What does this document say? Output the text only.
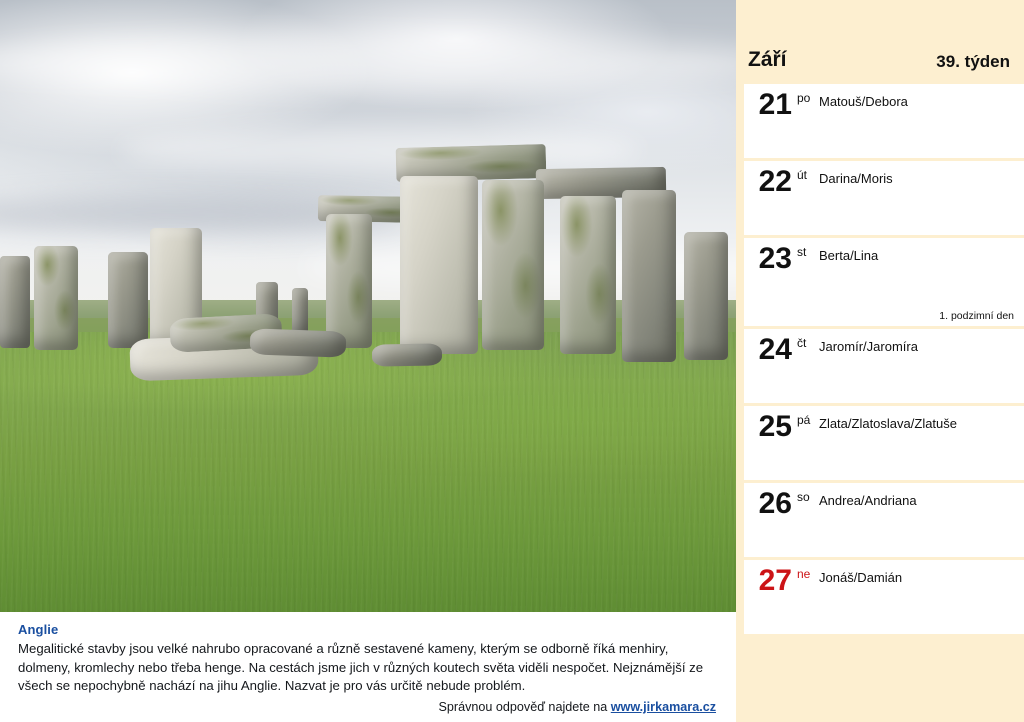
Anglie

Megalitické stavby jsou velké nahrubo opracované a různě sestavené kameny, kterým se odborně říká menhiry, dolmeny, kromlechy nebo třeba henge. Na cestách jsme jich v různých koutech světa viděli nespočet. Nejznámější ze všech se nepochybně nachází na jihu Anglie. Nazvat je pro vás určitě nebude problém.

Správnou odpověď najdete na www.jirkamara.cz
Září	39. týden
21 po Matouš/Debora
22 út Darina/Moris
23 st Berta/Lina
1. podzimní den
24 čt Jaromír/Jaromíra
25 pá Zlata/Zlatoslava/Zlatuše
26 so Andrea/Andriana
27 ne Jonáš/Damián
